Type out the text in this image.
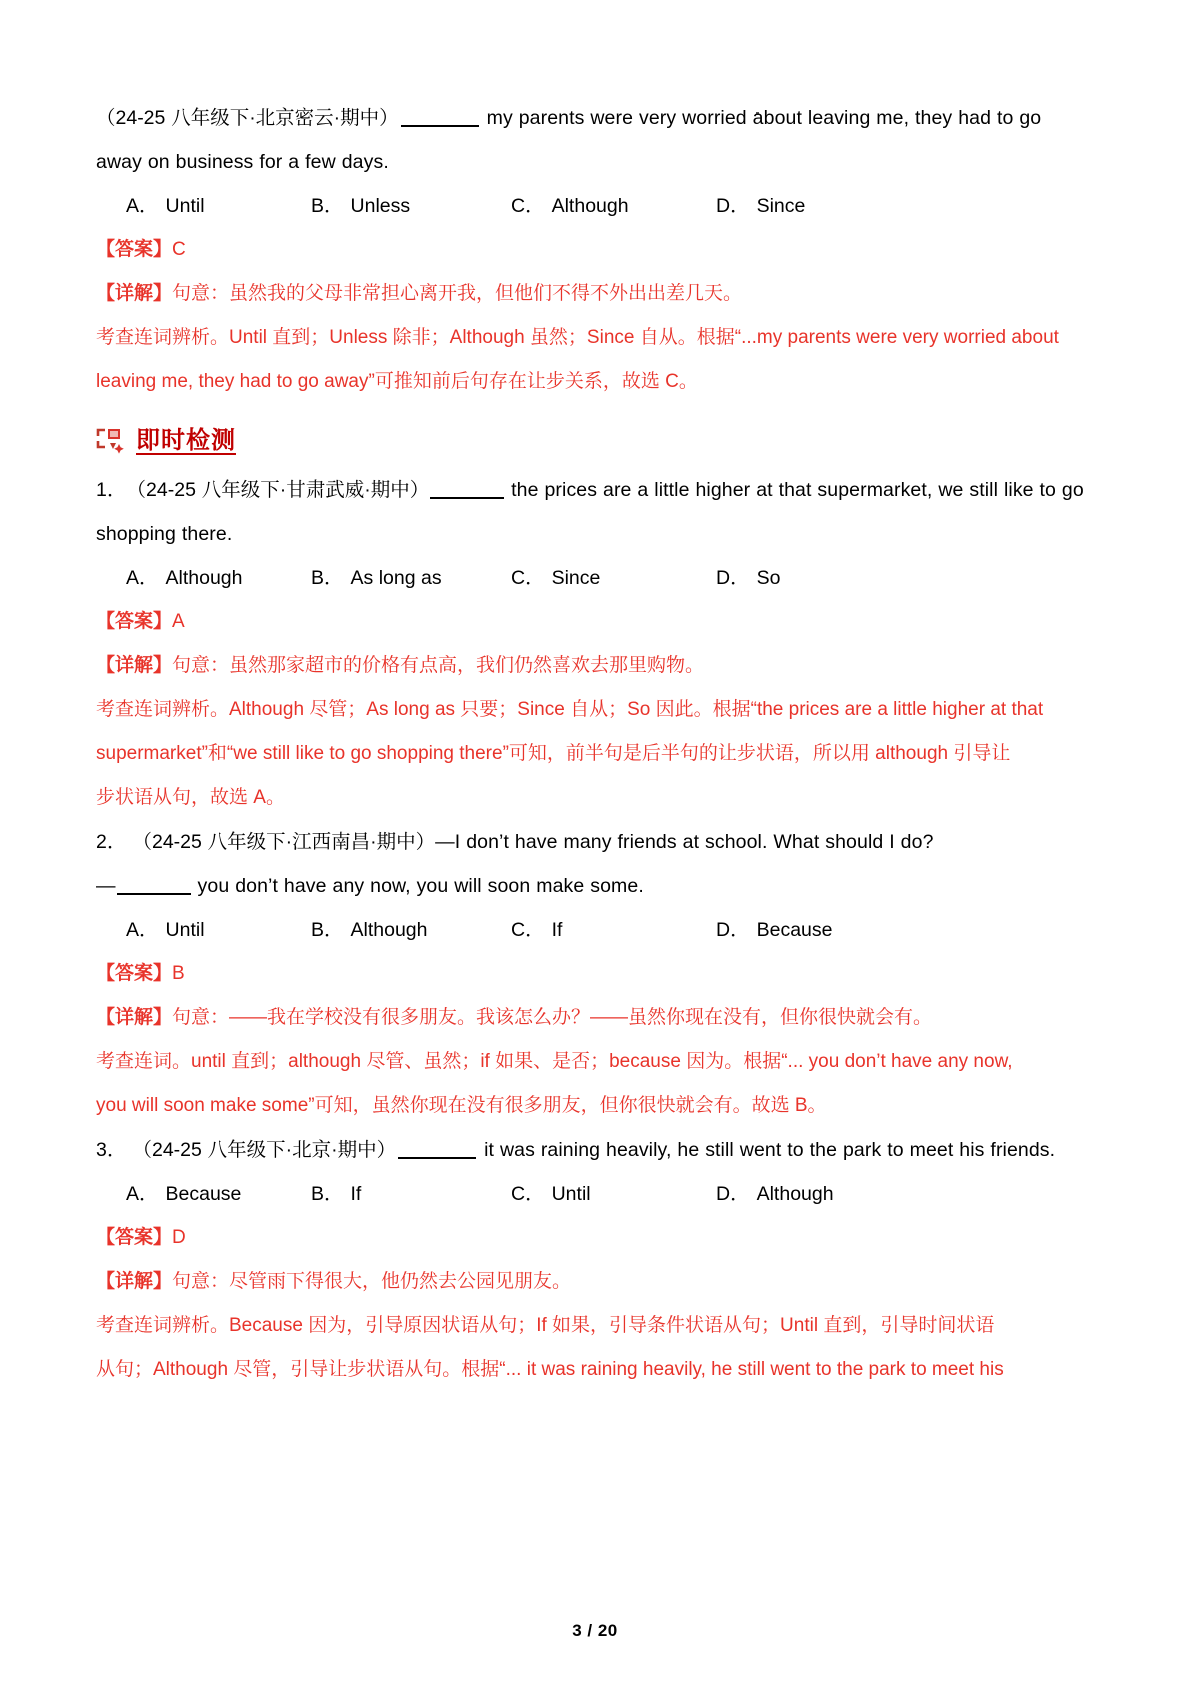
（24-25 八年级下·北京密云·期中）	my parents were very worried about leaving me, they had to go

away on business for a few days.

A． Until	B． Unless	C． Although	D． Since

【答案】C

【详解】句意：虽然我的父母非常担心离开我，但他们不得不外出出差几天。

考查连词辨析。Until 直到；Unless 除非；Although 虽然；Since 自从。根据“...my parents were very worried about

leaving me, they had to go away”可推知前后句存在让步关系，故选 C。

即时检测

1．（24-25 八年级下·甘肃武威·期中）	the prices are a little higher at that supermarket, we still like to go

shopping there.

A． Although	B． As long as	C． Since	D． So

【答案】A

【详解】句意：虽然那家超市的价格有点高，我们仍然喜欢去那里购物。

考查连词辨析。Although 尽管；As long as 只要；Since 自从；So 因此。根据“the prices are a little higher at that

supermarket”和“we still like to go shopping there”可知，前半句是后半句的让步状语，所以用 although 引导让

步状语从句，故选 A。

2． （24-25 八年级下·江西南昌·期中）—I don’t have many friends at school. What should I do?

—	you don’t have any now, you will soon make some.

A． Until	B． Although	C． If	D． Because

【答案】B

【详解】句意：——我在学校没有很多朋友。我该怎么办？——虽然你现在没有，但你很快就会有。

考查连词。until 直到；although 尽管、虽然；if 如果、是否；because 因为。根据“... you don’t have any now,

you will soon make some”可知，虽然你现在没有很多朋友，但你很快就会有。故选 B。

3． （24-25 八年级下·北京·期中）	it was raining heavily, he still went to the park to meet his friends.

A． Because	B． If	C． Until	D． Although

【答案】D

【详解】句意：尽管雨下得很大，他仍然去公园见朋友。

考查连词辨析。Because 因为，引导原因状语从句；If 如果，引导条件状语从句；Until 直到，引导时间状语

从句；Although 尽管，引导让步状语从句。根据“... it was raining heavily, he still went to the park to meet his

3 / 20
